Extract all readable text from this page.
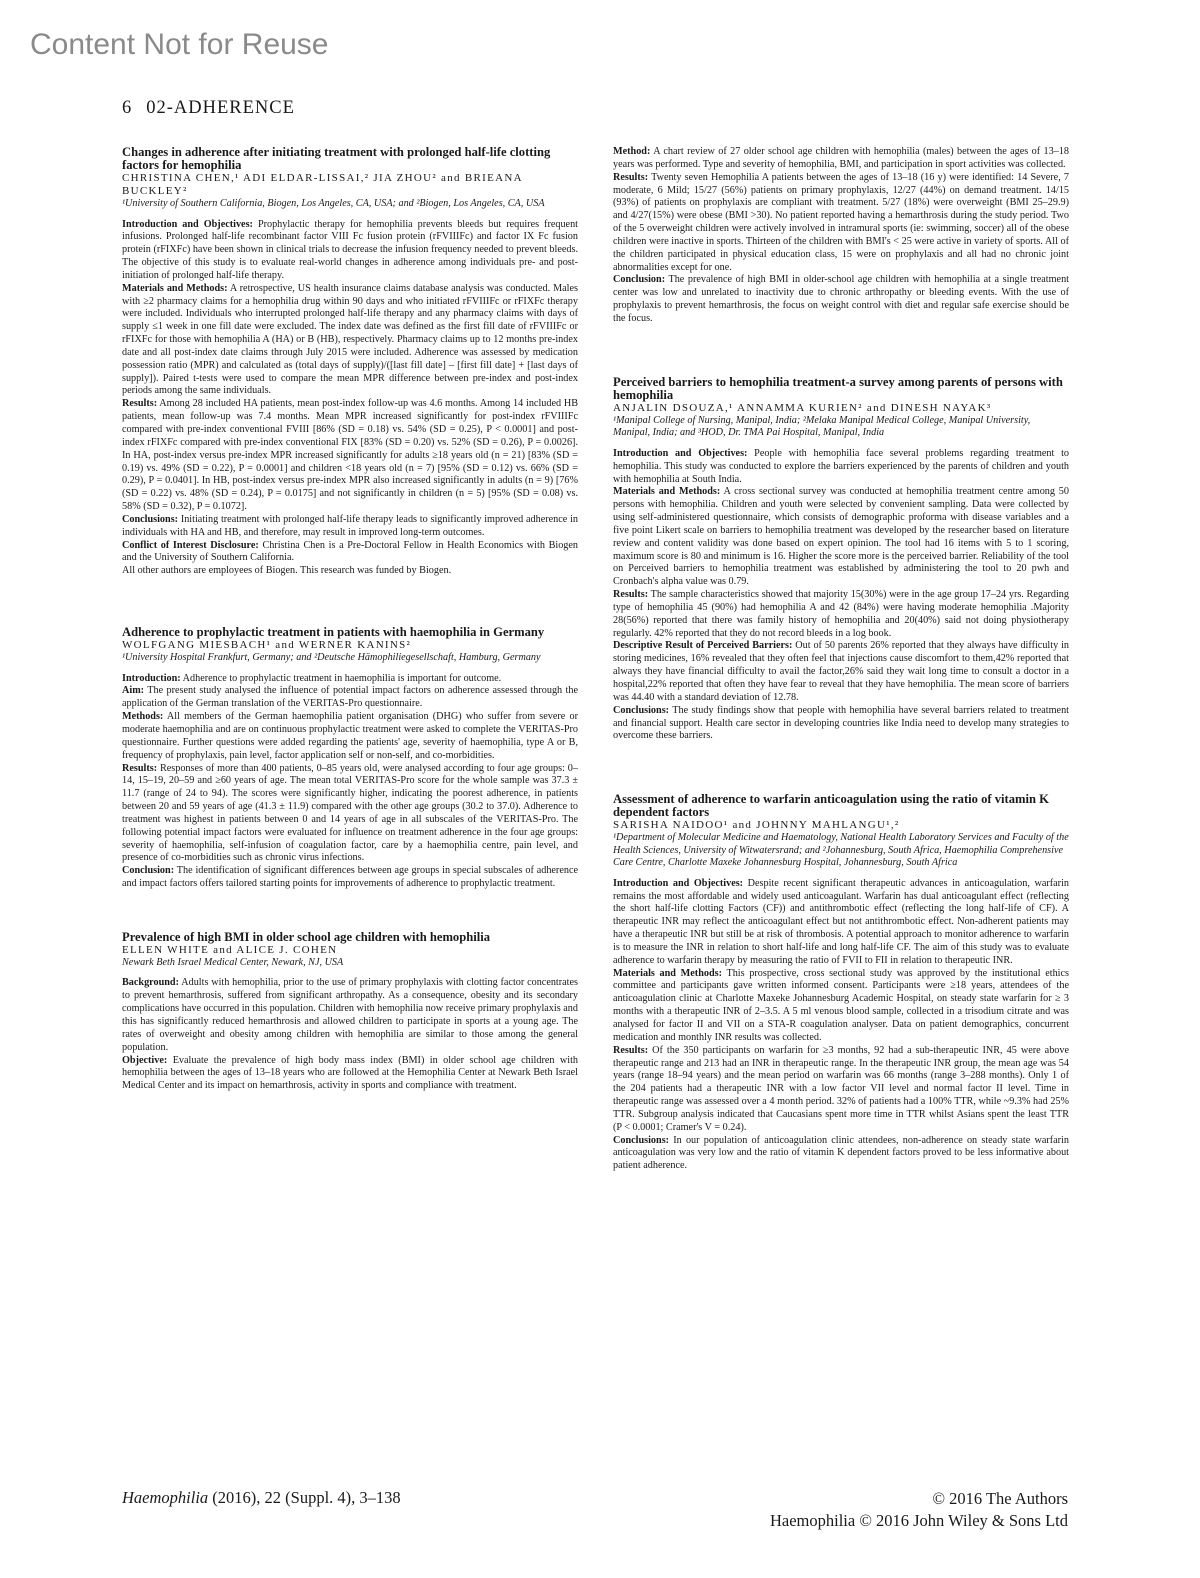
Content Not for Reuse
6 02-ADHERENCE
Changes in adherence after initiating treatment with prolonged half-life clotting factors for hemophilia
CHRISTINA CHEN,¹ ADI ELDAR-LISSAI,² JIA ZHOU² and BRIEANA BUCKLEY²
¹University of Southern California, Biogen, Los Angeles, CA, USA; and ²Biogen, Los Angeles, CA, USA
Introduction and Objectives: Prophylactic therapy for hemophilia prevents bleeds but requires frequent infusions. Prolonged half-life recombinant factor VIII Fc fusion protein (rFVIIIFc) and factor IX Fc fusion protein (rFIXFc) have been shown in clinical trials to decrease the infusion frequency needed to prevent bleeds. The objective of this study is to evaluate real-world changes in adherence among individuals pre- and post-initiation of prolonged half-life therapy.
Materials and Methods: A retrospective, US health insurance claims database analysis was conducted. Males with ≥2 pharmacy claims for a hemophilia drug within 90 days and who initiated rFVIIIFc or rFIXFc therapy were included. Individuals who interrupted prolonged half-life therapy and any pharmacy claims with days of supply ≤1 week in one fill date were excluded. The index date was defined as the first fill date of rFVIIIFc or rFIXFc for those with hemophilia A (HA) or B (HB), respectively. Pharmacy claims up to 12 months pre-index date and all post-index date claims through July 2015 were included. Adherence was assessed by medication possession ratio (MPR) and calculated as (total days of supply)/([last fill date] – [first fill date] + [last days of supply]). Paired t-tests were used to compare the mean MPR difference between pre-index and post-index periods among the same individuals.
Results: Among 28 included HA patients, mean post-index follow-up was 4.6 months. Among 14 included HB patients, mean follow-up was 7.4 months. Mean MPR increased significantly for post-index rFVIIIFc compared with pre-index conventional FVIII [86% (SD = 0.18) vs. 54% (SD = 0.25), P < 0.0001] and post-index rFIXFc compared with pre-index conventional FIX [83% (SD = 0.20) vs. 52% (SD = 0.26), P = 0.0026]. In HA, post-index versus pre-index MPR increased significantly for adults ≥18 years old (n = 21) [83% (SD = 0.19) vs. 49% (SD = 0.22), P = 0.0001] and children <18 years old (n = 7) [95% (SD = 0.12) vs. 66% (SD = 0.29), P = 0.0401]. In HB, post-index versus pre-index MPR also increased significantly in adults (n = 9) [76% (SD = 0.22) vs. 48% (SD = 0.24), P = 0.0175] and not significantly in children (n = 5) [95% (SD = 0.08) vs. 58% (SD = 0.32), P = 0.1072].
Conclusions: Initiating treatment with prolonged half-life therapy leads to significantly improved adherence in individuals with HA and HB, and therefore, may result in improved long-term outcomes.
Conflict of Interest Disclosure: Christina Chen is a Pre-Doctoral Fellow in Health Economics with Biogen and the University of Southern California.
All other authors are employees of Biogen. This research was funded by Biogen.
Adherence to prophylactic treatment in patients with haemophilia in Germany
WOLFGANG MIESBACH¹ and WERNER KANINS²
¹University Hospital Frankfurt, Germany; and ²Deutsche Hämophiliegesellschaft, Hamburg, Germany
Introduction: Adherence to prophylactic treatment in haemophilia is important for outcome.
Aim: The present study analysed the influence of potential impact factors on adherence assessed through the application of the German translation of the VERITAS-Pro questionnaire.
Methods: All members of the German haemophilia patient organisation (DHG) who suffer from severe or moderate haemophilia and are on continuous prophylactic treatment were asked to complete the VERITAS-Pro questionnaire. Further questions were added regarding the patients' age, severity of haemophilia, type A or B, frequency of prophylaxis, pain level, factor application self or non-self, and co-morbidities.
Results: Responses of more than 400 patients, 0–85 years old, were analysed according to four age groups: 0–14, 15–19, 20–59 and ≥60 years of age. The mean total VERITAS-Pro score for the whole sample was 37.3 ± 11.7 (range of 24 to 94). The scores were significantly higher, indicating the poorest adherence, in patients between 20 and 59 years of age (41.3 ± 11.9) compared with the other age groups (30.2 to 37.0). Adherence to treatment was highest in patients between 0 and 14 years of age in all subscales of the VERITAS-Pro. The following potential impact factors were evaluated for influence on treatment adherence in the four age groups: severity of haemophilia, self-infusion of coagulation factor, care by a haemophilia centre, pain level, and presence of co-morbidities such as chronic virus infections.
Conclusion: The identification of significant differences between age groups in special subscales of adherence and impact factors offers tailored starting points for improvements of adherence to prophylactic treatment.
Prevalence of high BMI in older school age children with hemophilia
ELLEN WHITE and ALICE J. COHEN
Newark Beth Israel Medical Center, Newark, NJ, USA
Background: Adults with hemophilia, prior to the use of primary prophylaxis with clotting factor concentrates to prevent hemarthrosis, suffered from significant arthropathy. As a consequence, obesity and its secondary complications have occurred in this population. Children with hemophilia now receive primary prophylaxis and this has significantly reduced hemarthrosis and allowed children to participate in sports at a young age. The rates of overweight and obesity among children with hemophilia are similar to those among the general population.
Objective: Evaluate the prevalence of high body mass index (BMI) in older school age children with hemophilia between the ages of 13–18 years who are followed at the Hemophilia Center at Newark Beth Israel Medical Center and its impact on hemarthrosis, activity in sports and compliance with treatment.
Method: A chart review of 27 older school age children with hemophilia (males) between the ages of 13–18 years was performed. Type and severity of hemophilia, BMI, and participation in sport activities was collected.
Results: Twenty seven Hemophilia A patients between the ages of 13–18 (16 y) were identified: 14 Severe, 7 moderate, 6 Mild; 15/27 (56%) patients on primary prophylaxis, 12/27 (44%) on demand treatment. 14/15 (93%) of patients on prophylaxis are compliant with treatment. 5/27 (18%) were overweight (BMI 25–29.9) and 4/27(15%) were obese (BMI >30). No patient reported having a hemarthrosis during the study period. Two of the 5 overweight children were actively involved in intramural sports (ie: swimming, soccer) all of the obese children were inactive in sports. Thirteen of the children with BMI's < 25 were active in variety of sports. All of the children participated in physical education class, 15 were on prophylaxis and all had no chronic joint abnormalities except for one.
Conclusion: The prevalence of high BMI in older-school age children with hemophilia at a single treatment center was low and unrelated to inactivity due to chronic arthropathy or bleeding events. With the use of prophylaxis to prevent hemarthrosis, the focus on weight control with diet and regular safe exercise should be the focus.
Perceived barriers to hemophilia treatment-a survey among parents of persons with hemophilia
ANJALIN DSOUZA,¹ ANNAMMA KURIEN² and DINESH NAYAK³
¹Manipal College of Nursing, Manipal, India; ²Melaka Manipal Medical College, Manipal University, Manipal, India; and ³HOD, Dr. TMA Pai Hospital, Manipal, India
Introduction and Objectives: People with hemophilia face several problems regarding treatment to hemophilia. This study was conducted to explore the barriers experienced by the parents of children and youth with hemophilia at South India.
Materials and Methods: A cross sectional survey was conducted at hemophilia treatment centre among 50 persons with hemophilia. Children and youth were selected by convenient sampling. Data were collected by using self-administered questionnaire, which consists of demographic proforma with disease variables and a five point Likert scale on barriers to hemophilia treatment was developed by the researcher based on literature review and content validity was done based on expert opinion. The tool had 16 items with 5 to 1 scoring, maximum score is 80 and minimum is 16. Higher the score more is the perceived barrier. Reliability of the tool on Perceived barriers to hemophilia treatment was established by administering the tool to 20 pwh and Cronbach's alpha value was 0.79.
Results: The sample characteristics showed that majority 15(30%) were in the age group 17–24 yrs. Regarding type of hemophilia 45 (90%) had hemophilia A and 42 (84%) were having moderate hemophilia .Majority 28(56%) reported that there was family history of hemophilia and 20(40%) said not doing physiotherapy regularly. 42% reported that they do not record bleeds in a log book.
Descriptive Result of Perceived Barriers: Out of 50 parents 26% reported that they always have difficulty in storing medicines, 16% revealed that they often feel that injections cause discomfort to them,42% reported that always they have financial difficulty to avail the factor,26% said they wait long time to consult a doctor in a hospital,22% reported that often they have fear to reveal that they have hemophilia. The mean score of barriers was 44.40 with a standard deviation of 12.78.
Conclusions: The study findings show that people with hemophilia have several barriers related to treatment and financial support. Health care sector in developing countries like India need to develop many strategies to overcome these barriers.
Assessment of adherence to warfarin anticoagulation using the ratio of vitamin K dependent factors
SARISHA NAIDOO¹ and JOHNNY MAHLANGU¹,²
¹Department of Molecular Medicine and Haematology, National Health Laboratory Services and Faculty of the Health Sciences, University of Witwatersrand; and ²Johannesburg, South Africa, Haemophilia Comprehensive Care Centre, Charlotte Maxeke Johannesburg Hospital, Johannesburg, South Africa
Introduction and Objectives: Despite recent significant therapeutic advances in anticoagulation, warfarin remains the most affordable and widely used anticoagulant. Warfarin has dual anticoagulant effect (reflecting the short half-life clotting Factors (CF)) and antithrombotic effect (reflecting the long half-life of CF). A therapeutic INR may reflect the anticoagulant effect but not antithrombotic effect. Non-adherent patients may have a therapeutic INR but still be at risk of thrombosis. A potential approach to monitor adherence to warfarin is to measure the INR in relation to short half-life and long half-life CF. The aim of this study was to evaluate adherence to warfarin therapy by measuring the ratio of FVII to FII in relation to therapeutic INR.
Materials and Methods: This prospective, cross sectional study was approved by the institutional ethics committee and participants gave written informed consent. Participants were ≥18 years, attendees of the anticoagulation clinic at Charlotte Maxeke Johannesburg Academic Hospital, on steady state warfarin for ≥ 3 months with a therapeutic INR of 2–3.5. A 5 ml venous blood sample, collected in a trisodium citrate and was analysed for factor II and VII on a STA-R coagulation analyser. Data on patient demographics, concurrent medication and monthly INR results was collected.
Results: Of the 350 participants on warfarin for ≥3 months, 92 had a sub-therapeutic INR, 45 were above therapeutic range and 213 had an INR in therapeutic range. In the therapeutic INR group, the mean age was 54 years (range 18–94 years) and the mean period on warfarin was 66 months (range 3–288 months). Only 1 of the 204 patients had a therapeutic INR with a low factor VII level and normal factor II level. Time in therapeutic range was assessed over a 4 month period. 32% of patients had a 100% TTR, while ~9.3% had 25% TTR. Subgroup analysis indicated that Caucasians spent more time in TTR whilst Asians spent the least TTR (P < 0.0001; Cramer's V = 0.24).
Conclusions: In our population of anticoagulation clinic attendees, non-adherence on steady state warfarin anticoagulation was very low and the ratio of vitamin K dependent factors proved to be less informative about patient adherence.
Haemophilia (2016), 22 (Suppl. 4), 3–138	© 2016 The Authors
Haemophilia © 2016 John Wiley & Sons Ltd
